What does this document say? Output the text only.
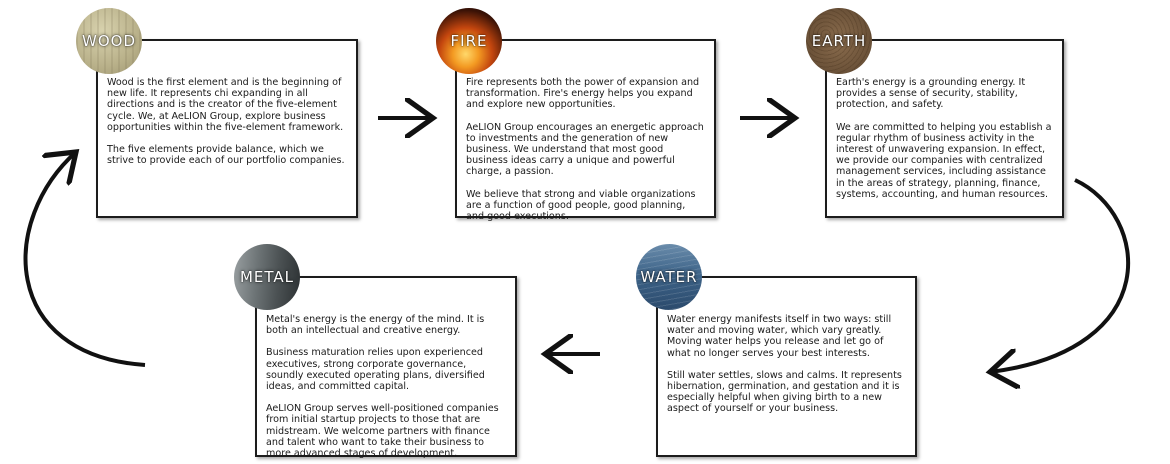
Wood is the first element and is the beginning of new life. It represents chi expanding in all directions and is the creator of the five-element cycle. We, at AeLION Group, explore business opportunities within the five-element framework.

The five elements provide balance, which we strive to provide each of our portfolio companies.

WOOD

Fire represents both the power of expansion and transformation. Fire's energy helps you expand and explore new opportunities.

AeLION Group encourages an energetic approach to investments and the generation of new business. We understand that most good business ideas carry a unique and powerful charge, a passion.

We believe that strong and viable organizations are a function of good people, good planning, and good executions.

FIRE

Earth's energy is a grounding energy. It provides a sense of security, stability, protection, and safety.

We are committed to helping you establish a regular rhythm of business activity in the interest of unwavering expansion. In effect, we provide our companies with centralized management services, including assistance in the areas of strategy, planning, finance, systems, accounting, and human resources.

EARTH

Metal's energy is the energy of the mind. It is both an intellectual and creative energy.

Business maturation relies upon experienced executives, strong corporate governance, soundly executed operating plans, diversified ideas, and committed capital.

AeLION Group serves well-positioned companies from initial startup projects to those that are midstream. We welcome partners with finance and talent who want to take their business to more advanced stages of development.

METAL

Water energy manifests itself in two ways: still water and moving water, which vary greatly. Moving water helps you release and let go of what no longer serves your best interests.

Still water settles, slows and calms. It represents hibernation, germination, and gestation and it is especially helpful when giving birth to a new aspect of yourself or your business.

WATER
